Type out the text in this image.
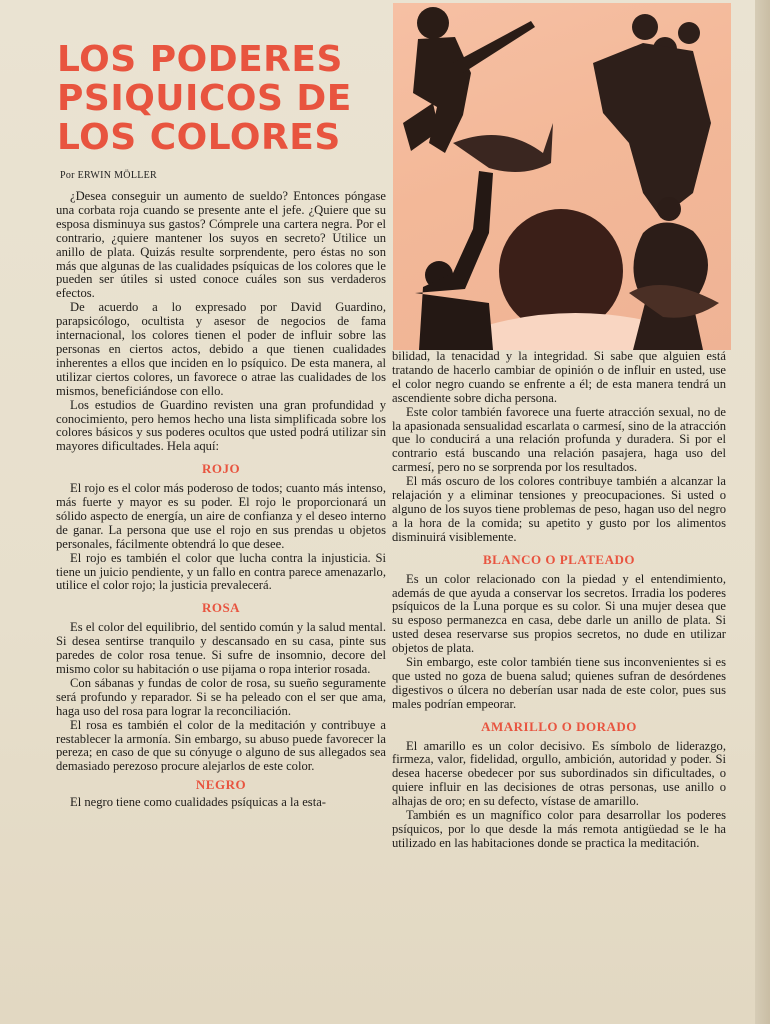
LOS PODERES PSIQUICOS DE LOS COLORES
Por ERWIN MÖLLER

¿Desea conseguir un aumento de sueldo? Entonces póngase una corbata roja cuando se presente ante el jefe. ¿Quiere que su esposa disminuya sus gastos? Cómprele una cartera negra. Por el contrario, ¿quiere mantener los suyos en secreto? Utilice un anillo de plata. Quizás resulte sorprendente, pero éstas no son más que algunas de las cualidades psíquicas de los colores que le pueden ser útiles si usted conoce cuáles son sus verdaderos efectos.

De acuerdo a lo expresado por David Guardino, parapsicólogo, ocultista y asesor de negocios de fama internacional, los colores tienen el poder de influir sobre las personas en ciertos actos, debido a que tienen cualidades inherentes a ellos que inciden en lo psíquico. De esta manera, al utilizar ciertos colores, un favorece o atrae las cualidades de los mismos, beneficiándose con ello.

Los estudios de Guardino revisten una gran profundidad y conocimiento, pero hemos hecho una lista simplificada sobre los colores básicos y sus poderes ocultos que usted podrá utilizar sin mayores dificultades. Hela aquí:

ROJO

El rojo es el color más poderoso de todos; cuanto más intenso, más fuerte y mayor es su poder. El rojo le proporcionará un sólido aspecto de energía, un aire de confianza y el deseo interno de ganar. La persona que use el rojo en sus prendas u objetos personales, fácilmente obtendrá lo que desee.

El rojo es también el color que lucha contra la injusticia. Si tiene un juicio pendiente, y un fallo en contra parece amenazarlo, utilice el color rojo; la justicia prevalecerá.

ROSA

Es el color del equilibrio, del sentido común y la salud mental. Si desea sentirse tranquilo y descansado en su casa, pinte sus paredes de color rosa tenue. Si sufre de insomnio, decore del mismo color su habitación o use pijama o ropa interior rosada.

Con sábanas y fundas de color de rosa, su sueño seguramente será profundo y reparador. Si se ha peleado con el ser que ama, haga uso del rosa para lograr la reconciliación.

El rosa es también el color de la meditación y contribuye a restablecer la armonía. Sin embargo, su abuso puede favorecer la pereza; en caso de que su cónyuge o alguno de sus allegados sea demasiado perezoso procure alejarlos de este color.

NEGRO

El negro tiene como cualidades psíquicas a la esta-

bilidad, la tenacidad y la integridad. Si sabe que alguien está tratando de hacerlo cambiar de opinión o de influir en usted, use el color negro cuando se enfrente a él; de esta manera tendrá un ascendiente sobre dicha persona.

Este color también favorece una fuerte atracción sexual, no de la apasionada sensualidad escarlata o carmesí, sino de la atracción que lo conducirá a una relación profunda y duradera. Si por el contrario está buscando una relación pasajera, haga uso del carmesí, pero no se sorprenda por los resultados.

El más oscuro de los colores contribuye también a alcanzar la relajación y a eliminar tensiones y preocupaciones. Si usted o alguno de los suyos tiene problemas de peso, hagan uso del negro a la hora de la comida; su apetito y gusto por los alimentos disminuirá visiblemente.

BLANCO O PLATEADO

Es un color relacionado con la piedad y el entendimiento, además de que ayuda a conservar los secretos. Irradia los poderes psíquicos de la Luna porque es su color. Si una mujer desea que su esposo permanezca en casa, debe darle un anillo de plata. Si usted desea reservarse sus propios secretos, no dude en utilizar objetos de plata.

Sin embargo, este color también tiene sus inconvenientes si es que usted no goza de buena salud; quienes sufran de desórdenes digestivos o úlcera no deberían usar nada de este color, pues sus males podrían empeorar.

AMARILLO O DORADO

El amarillo es un color decisivo. Es símbolo de liderazgo, firmeza, valor, fidelidad, orgullo, ambición, autoridad y poder. Si desea hacerse obedecer por sus subordinados sin dificultades, o quiere influir en las decisiones de otras personas, use anillo o alhajas de oro; en su defecto, vístase de amarillo.

También es un magnífico color para desarrollar los poderes psíquicos, por lo que desde la más remota antigüedad se le ha utilizado en las habitaciones donde se practica la meditación.
